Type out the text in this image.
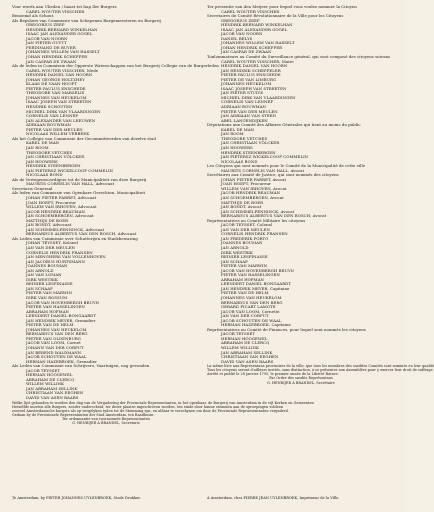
Voor words aan Ulieden / haast tot hup ller Burgers
CAREL WOUTER VISSCHER
Benoemd als Schout.
Als Repshers van Commissie van Schepenen Burgemeesteren en Burgerij
GREGORIUS ZEEP
HENDRIK BERNARD WINKELHAN
ISAAC JAN ALEXANDER GOGEL
JACOB VAN NOORN
JAN PIETER GUYTT
FERDINAND DE BUYER
JOHANNES WILLEM VAN HASSELT
JOHAN HENDRIK SCHEFFER
JAN CASPAR DE ZWAAN
Als de leden in Commissie der Opperste Waterschappen van het Burgerij Collegie van de Burgerleden
CAREL WOUTER VISSCHER, Mede
HENDRIK DANIEL VAN HOORN
JOHAN GEORGE HOLTZHEY
KLAAS DE VAAN HOOFT
PIETER PAULUS ENSCHEDE
THEODORE VAN MARSELIS
JOHANNES VAN HEUKELOM
ISAAC JOSEPH VAN STREETEN
HENDRIK SCHOUTEN
MICHIEL DIRK VAN VLAARDINGEN
CORNELIS VAN LENNEP
JAN ALEXANDER VAN LEEUWEN
ADRIAAN BOUWMAN
PIETER VAN DER MEULEN
NICOLAAS WILLEM VERBEEK
Als het Collegie van Commissie der Gecommitteerden van dezelve stad
KAREL DE MAN
JAN ROOM
THEODORE VETCHES
JAN CHRISTIAAN VÖLCKER
JAN HOOWERS
HENDRIK STEENBERGEN
JAN PIETERSZ WICKELCOOP COMMELIN
NICOLAAS BOND
Als de Vertegenwoordigers tot de Municipaliteit van deze Burgerij
MAURITS CORNELIS VAN HALL, Advocaat
Secretaris Generaal
Als leden van Commissie van Openbare Gerechten, Municipaliteit
JOHAN PIETER FARRET, Advocaat
JOAN HOEFT, Procureur
WILLEM VAN IRHOVEN, Advocaat
JACOB HENDRIK BEAUMAN
JAN SCHOEMBERGEN, Advocaat
MATTHIJS DE BOER
JAN BONDT, Advocaat
JAN SCHIMMELPENNINCK, Advocaat
BERNARDUS ALBERTUS VAN DEN BOSCH, Advocaat
Als Leden van Commissie over Schutterijen en Stadsbewaring
JOHAN TEYSSET, Kolonel
JAN VAN DER MEULEN
CORNELIS HENDRIK FRANSEN
JAN MENGHERS VAN VOLLENHOVEN
JAN JACOBUS HURTSMANN
JOANNES BOUMAN
JAN ARNOLD
JAN VAN LOMAN
DIRK WESTRIK
REINIER LESPINASSE
JAN SCHAAP
PIETER VAN MARWIN
DIRK VAN ROSSUM
JACOB VAN HOVENBERGH BRUYN
PIETER VAN HASSELINGEN
ABRAHAM HOFMAN
LEENDERT DANIEL BONGAARDT
JAN HENDRIK MEYER, Grenadier
PIETER VAN DE HELM
JOHANNES VAN HEUKELOM
BERNARDUS VAN DEN BERG
PIETER VAN OLDENBURG
JACOB VAN LOOM, Cornet
JOHANN VAN DER CORPUT
JAN BEREND WALDMANN
JACOB SCHOUTEN DE WAAL
HERMAN HAZEBROEK, Grenadier
Als Leden van Commissie van Schrijvers, Vaartuigen, nog gevonden
JACOB TEYSSET
HERMAN HOOGEWEL
ABRAHAM DE CLERCQ
WILLEM WILLINK
JAN ABRAHAM SELLINK
CHRISTIAAN VAN EEGHEN
DAVID VAN ASEN BAARS
Welke lijst gehouden te worden den dag van de Vergadering der Provinciale Representanten, in het openbaar, de Burgerij van Amsterdam in de vijf Kerken en Gemeenten
Hetzelfde moeten alle Burgers, zonder onderscheid, ter dezer plaatse ingeschreven worden, ten einde door hunne stemmen aan de oproepingen voldoen
zooveel Amsterdamsche burgers als op vergelyken tyden tot de Stemming zyn, en aldaar te verschynen om door de Provinciale Repraesentanten vergaderd.
Gedaan by de Provisionele Representanten der Stad Amsterdam, ten Raadhuize.
Ter ordonnantie van voornoemde Representanten
G. HENRIJER À BRANDEL, Secretaris
Ter presentie van den Meijeer pour lequel vous voulez nommer la Citoyen
CAREL WOUTER VISSCHER
Secretaires de Comité Révolutionnaire de la Ville pour les Citoyens
GREGORIUS ZEEP
HENDRIK BERNARD WINKELHAN
ISAAC JAN ALEXANDER GOGEL
JACOB VAN NOORN
DANIEL BELYS
JOHANNES WILLEM VAN HASSELT
JOHAN HENDRIK SCHEFFER
JAN CASPAR DE ZWAAN
Tonlommateurs au Comité du Surveillance général, qui sont composé des citoyens suivans
CAREL WOUTER VISSCHER, Maire
HENDRIK DANIEL VAN HOORN
JAN HENDRIK SCHEPPELER
PIETER PAULUS ENSCHEDE
PIETER DE VAN LIMBURG
JOHANNES HEUKELOM
ISAAC JOSEPH VAN STREETEN
JAN PIETER STUIVE
MICHIEL DIRK VAN VLAARDINGEN
CORNELIS VAN LENNEP
ADRIAAN BOUWMAN
PIETER VAN DER MEULEN
JAN ADRIAAN VAN STEEN
ABEL LANGENDIJKEN
Députations aux Comité des Affaires Générales qui tient au moins du public
KAREL DE MAN
JAN ROOM
THEODORE VETCHES
JAN CHRISTIAAN VÖLCKER
JAN HOOWERS
HENDRIK STEENBERGEN
JAN PIETERSZ WICKELCOOP COMMELIN
NICOLAAS BOND
Les Citoyens qui sont nommés pour le Comité de la Municipalité de cette ville
MAURITS CORNELIS VAN HALL, Avocat
Secrétaires aux Comité de Justice, qui sont nommés des citoyens
JOHAN PIETER FARRET, Avocat
JOAN HOEFT, Procureur
WILLEM VAN IRHOVEN, Avocat
JACOB HENDRIK BEAUMAN
JAN SCHOEMBERGEN, Avocat
MATTHIJS DE BOER
JAN BONDT, Avocat
JAN SCHIMMELPENNINCK, Avocat
BERNARDUS ALBERTUS VAN DEN BOSCH, Avocat
Représentatives au Comité Militaire les citoyens
JACOB TEYSSET, Colonel
JAN VAN DER MEULEN
CORNELIS HENDRIK FRANSEN
JAN FREDERIK PORTO
JOANNES BOUMAN
JAN ARNOLD
DIRK WESTRIK
REINIER LESPINASSE
JAN SCHAAP
PIETER VAN MARWIN
JACOB VAN HOVENBERGH BRUYN
PIETER VAN HASSELINGEN
ABRAHAM HOFMAN
LEENDERT DANIEL BONGAARDT
JAN HENDRIK MEYER, Capitaine
PIETER VAN DE HELM
JOHANNES VAN HEUKELOM
BERNARDUS VAN DEN BERG
GERARD PICART LAMOTE
JACOB VAN LOOM, Cornette
JAN VAN DER CORPUT
JACOB SCHOUTEN DE WAAL
HERMAN HAZEBROEK, Capitaine
Représentatives au Comité de Finances, pour lequel sont nommés les citoyens
JACOB TEYSSET
HERMAN HOOGEWEL
ABRAHAM DE CLERCQ
WILLEM WILLINK
JAN ABRAHAM SELLINK
CHRISTIAAN VAN EEGHEN
DAVID VAN ASEN BAARS
La même liste aux Représentans provisoires de la ville, que tous les membres des susdites Comités sont nommés en leur qualité
Tous les citoyens seront d'ailleurs invités, sans distinction, à se présenter aux Assemblées pour y exercer leur droit de suffrage
Arrêté et publié le 28 janvier 1795, le premier année de la Liberté Batave.
Par Ordre des susdits Représentans
G. HENRIJER À BRANDEL, Secrétaire
Te Amsterdam, by PIETER JOHANNES UYLENBROEK, Stads Drukker.	A Amsterdam, chez PIERRE JEAN UYLENBROEK, Imprimeur de la Ville.
